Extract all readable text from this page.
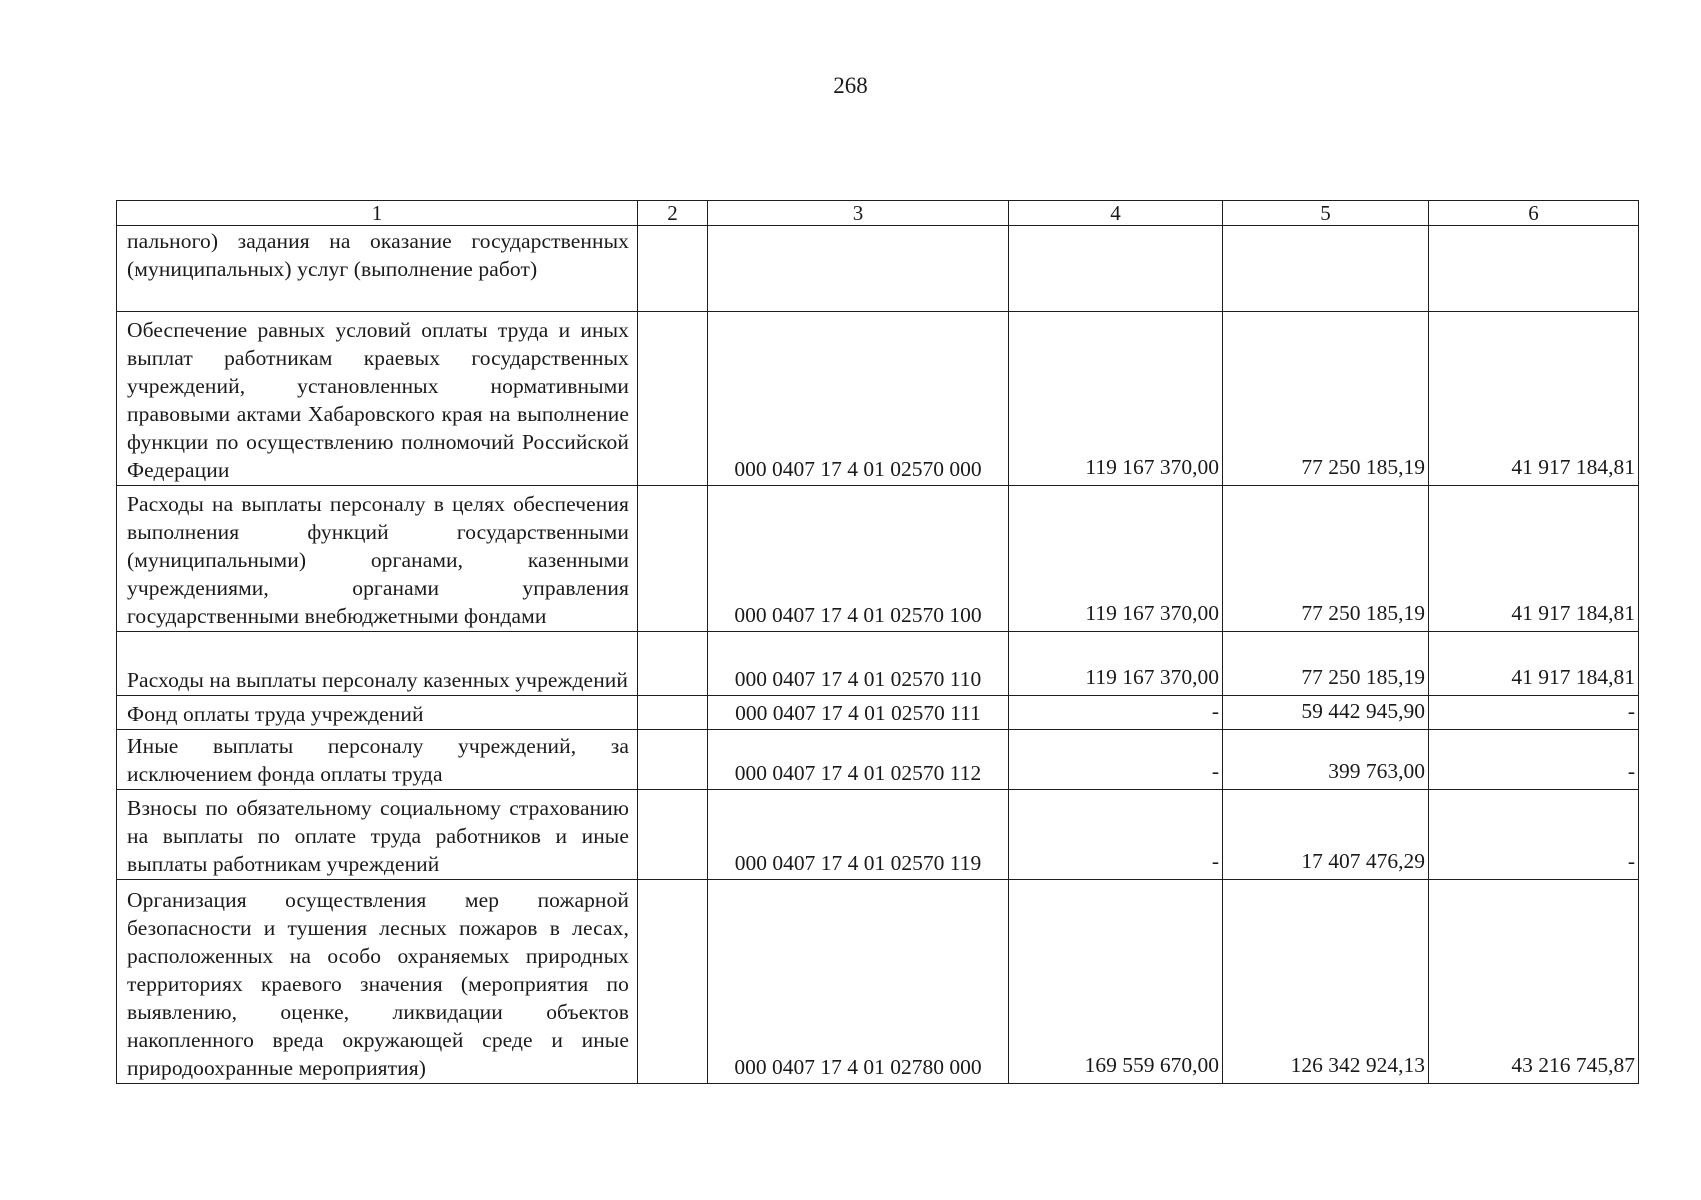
268
1	2	3	4	5	6
пального) задания на оказание государственных (муниципальных) услуг (выполнение работ)					
Обеспечение равных условий оплаты труда и иных выплат работникам краевых государственных учреждений, установленных нормативными правовыми актами Хабаровского края на выполнение функции по осуществлению полномочий Российской Федерации		000 0407 17 4 01 02570 000	119 167 370,00	77 250 185,19	41 917 184,81
Расходы на выплаты персоналу в целях обеспечения выполнения функций государственными (муниципальными) органами, казенными учреждениями, органами управления государственными внебюджетными фондами		000 0407 17 4 01 02570 100	119 167 370,00	77 250 185,19	41 917 184,81
Расходы на выплаты персоналу казенных учреждений		000 0407 17 4 01 02570 110	119 167 370,00	77 250 185,19	41 917 184,81
Фонд оплаты труда учреждений		000 0407 17 4 01 02570 111	-	59 442 945,90	-
Иные выплаты персоналу учреждений, за исключением фонда оплаты труда		000 0407 17 4 01 02570 112	-	399 763,00	-
Взносы по обязательному социальному страхованию на выплаты по оплате труда работников и иные выплаты работникам учреждений		000 0407 17 4 01 02570 119	-	17 407 476,29	-
Организация осуществления мер пожарной безопасности и тушения лесных пожаров в лесах, расположенных на особо охраняемых природных территориях краевого значения (мероприятия по выявлению, оценке, ликвидации объектов накопленного вреда окружающей среде и иные природоохранные мероприятия)		000 0407 17 4 01 02780 000	169 559 670,00	126 342 924,13	43 216 745,87
